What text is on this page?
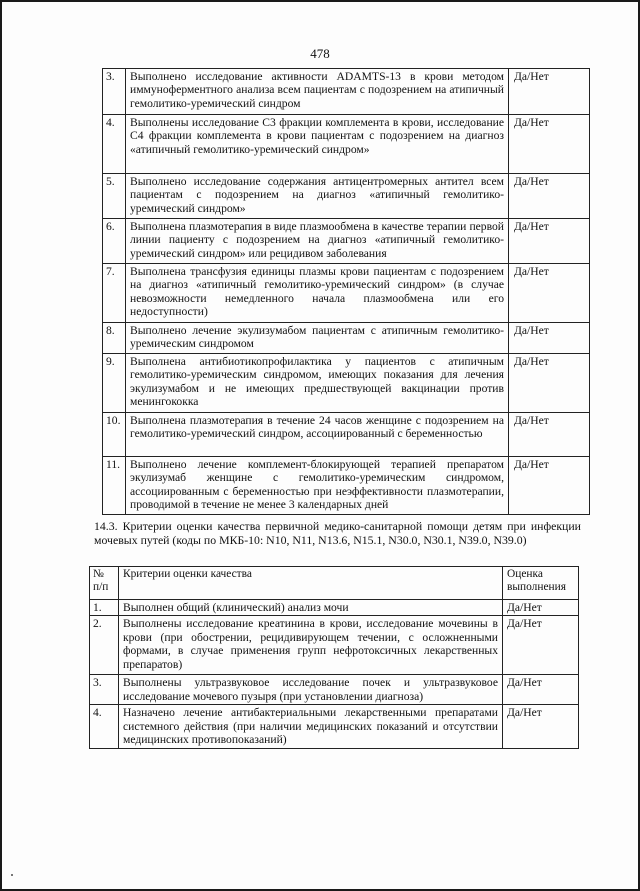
478
3.	Выполнено исследование активности ADAMTS-13 в крови методом иммуноферментного анализа всем пациентам с подозрением на атипичный гемолитико-уремический синдром	Да/Нет
4.	Выполнены исследование С3 фракции комплемента в крови, исследование С4 фракции комплемента в крови пациентам с подозрением на диагноз «атипичный гемолитико-уремический синдром»	Да/Нет
5.	Выполнено исследование содержания антицентромерных антител всем пациентам с подозрением на диагноз «атипичный гемолитико-уремический синдром»	Да/Нет
6.	Выполнена плазмотерапия в виде плазмообмена в качестве терапии первой линии пациенту с подозрением на диагноз «атипичный гемолитико-уремический синдром» или рецидивом заболевания	Да/Нет
7.	Выполнена трансфузия единицы плазмы крови пациентам с подозрением на диагноз «атипичный гемолитико-уремический синдром» (в случае невозможности немедленного начала плазмообмена или его недоступности)	Да/Нет
8.	Выполнено лечение экулизумабом пациентам с атипичным гемолитико-уремическим синдромом	Да/Нет
9.	Выполнена антибиотикопрофилактика у пациентов с атипичным гемолитико-уремическим синдромом, имеющих показания для лечения экулизумабом и не имеющих предшествующей вакцинации против менингококка	Да/Нет
10.	Выполнена плазмотерапия в течение 24 часов женщине с подозрением на гемолитико-уремический синдром, ассоциированный с беременностью	Да/Нет
11.	Выполнено лечение комплемент-блокирующей терапией препаратом экулизумаб женщине с гемолитико-уремическим синдромом, ассоциированным с беременностью при неэффективности плазмотерапии, проводимой в течение не менее 3 календарных дней	Да/Нет
14.3. Критерии оценки качества первичной медико-санитарной помощи детям при инфекции мочевых путей (коды по МКБ-10: N10, N11, N13.6, N15.1, N30.0, N30.1, N39.0, N39.0)
№ п/п	Критерии оценки качества	Оценка выполнения
1.	Выполнен общий (клинический) анализ мочи	Да/Нет
2.	Выполнены исследование креатинина в крови, исследование мочевины в крови (при обострении, рецидивирующем течении, с осложненными формами, в случае применения групп нефротоксичных лекарственных препаратов)	Да/Нет
3.	Выполнены ультразвуковое исследование почек и ультразвуковое исследование мочевого пузыря (при установлении диагноза)	Да/Нет
4.	Назначено лечение антибактериальными лекарственными препаратами системного действия (при наличии медицинских показаний и отсутствии медицинских противопоказаний)	Да/Нет
